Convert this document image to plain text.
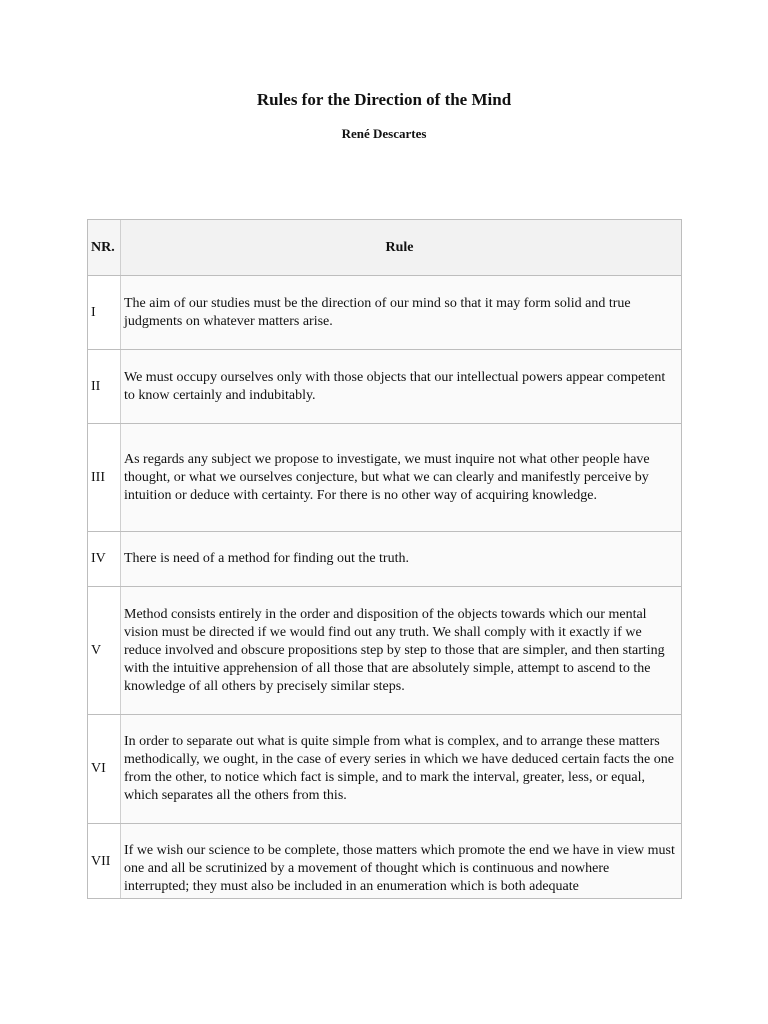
Rules for the Direction of the Mind
René Descartes
NR.	Rule
I
The aim of our studies must be the direction of our mind so that it may form solid and true judgments on whatever matters arise.
II
We must occupy ourselves only with those objects that our intellectual powers appear competent to know certainly and indubitably.
III
As regards any subject we propose to investigate, we must inquire not what other people have thought, or what we ourselves conjecture, but what we can clearly and manifestly perceive by intuition or deduce with certainty. For there is no other way of acquiring knowledge.
IV	There is need of a method for finding out the truth.
V
Method consists entirely in the order and disposition of the objects towards which our mental vision must be directed if we would find out any truth. We shall comply with it exactly if we reduce involved and obscure propositions step by step to those that are simpler, and then starting with the intuitive apprehension of all those that are absolutely simple, attempt to ascend to the knowledge of all others by precisely similar steps.
VI
In order to separate out what is quite simple from what is complex, and to arrange these matters methodically, we ought, in the case of every series in which we have deduced certain facts the one from the other, to notice which fact is simple, and to mark the interval, greater, less, or equal, which separates all the others from this.
VII
If we wish our science to be complete, those matters which promote the end we have in view must one and all be scrutinized by a movement of thought which is continuous and nowhere interrupted; they must also be included in an enumeration which is both adequate
